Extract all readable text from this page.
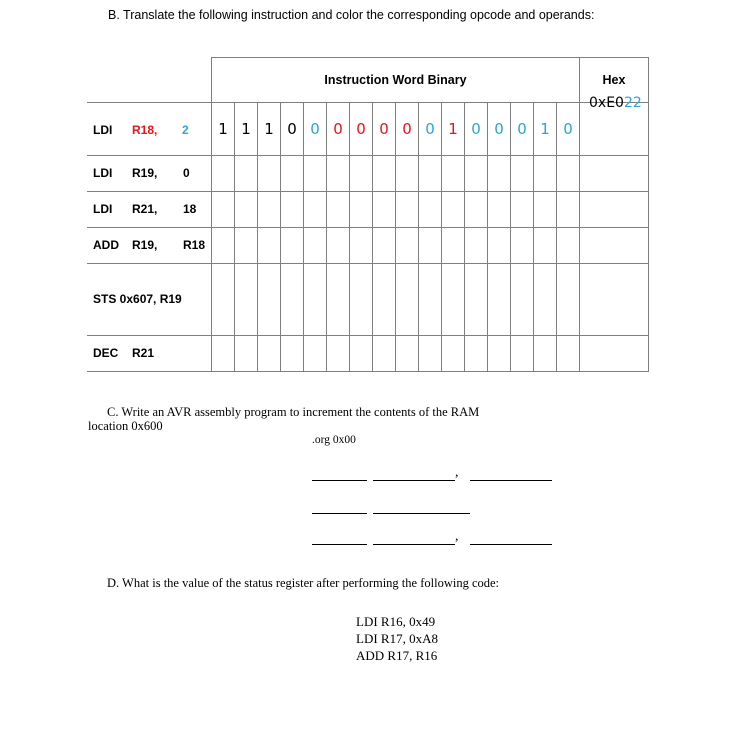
B. Translate the following instruction and color the corresponding opcode and operands:
	Instruction Word Binary																Hex

LDI R18, 2	1	1	1	0	0	0	0	0	0	0	1	0	0	0	1	0	0xE022

LDI R19, 0																	

LDI R21, 18																	

ADD R19, R18																	

STS 0x607, R19																	

DEC R21																	

C. Write an AVR assembly program to increment the contents of the RAM
location 0x600
.org 0x00
,
,
D. What is the value of the status register after performing the following code:
LDI R16, 0x49
LDI R17, 0xA8
ADD R17, R16
